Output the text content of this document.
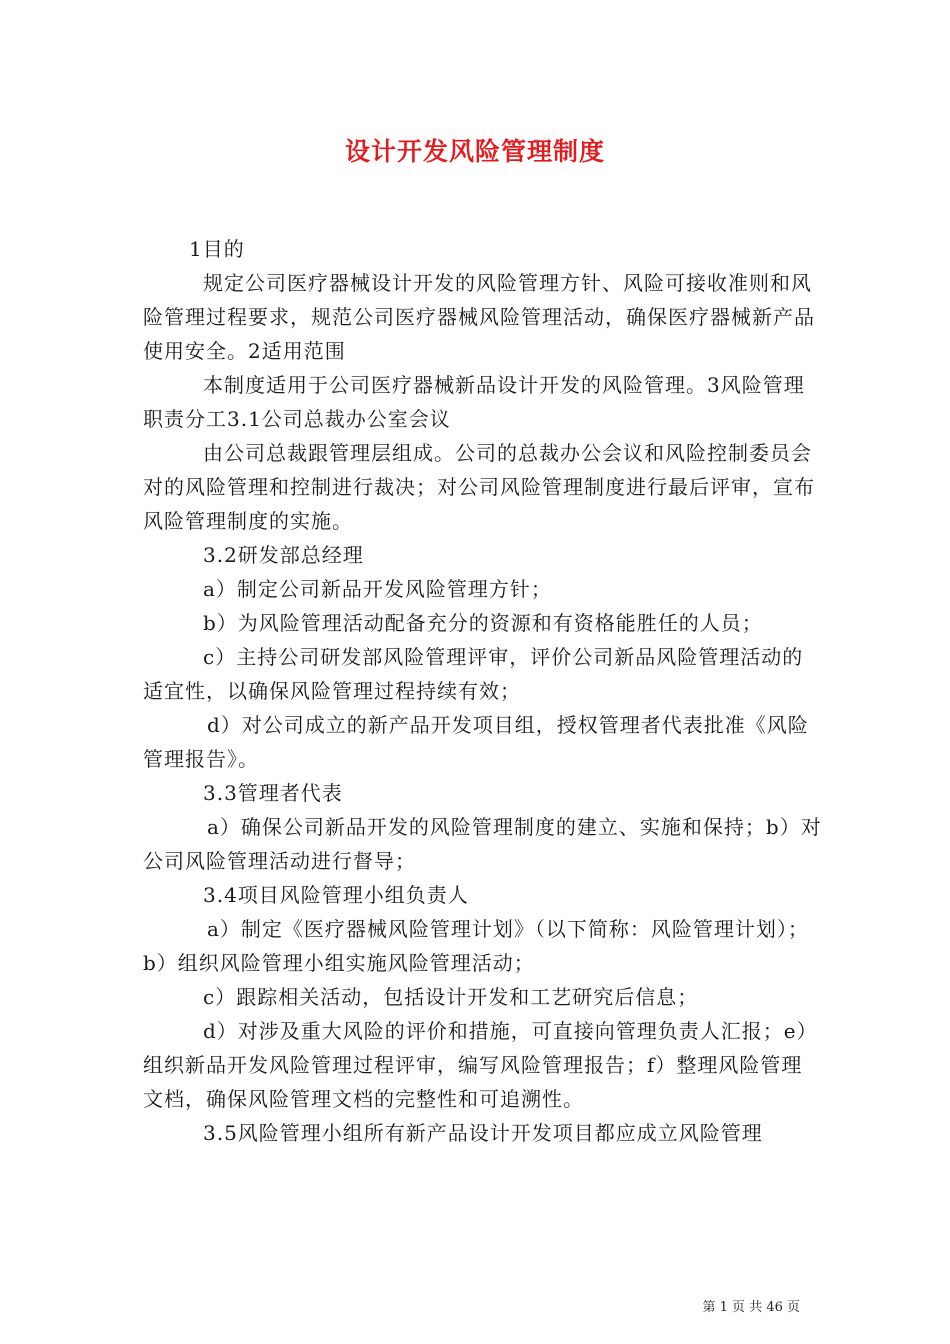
设计开发风险管理制度

1目的

规定公司医疗器械设计开发的风险管理方针、风险可接收准则和风险管理过程要求，规范公司医疗器械风险管理活动，确保医疗器械新产品使用安全。2适用范围

本制度适用于公司医疗器械新品设计开发的风险管理。3风险管理职责分工3.1公司总裁办公室会议

由公司总裁跟管理层组成。公司的总裁办公会议和风险控制委员会对的风险管理和控制进行裁决；对公司风险管理制度进行最后评审，宣布风险管理制度的实施。

3.2研发部总经理

a）制定公司新品开发风险管理方针；

b）为风险管理活动配备充分的资源和有资格能胜任的人员；

c）主持公司研发部风险管理评审，评价公司新品风险管理活动的适宜性，以确保风险管理过程持续有效；

d）对公司成立的新产品开发项目组，授权管理者代表批准《风险管理报告》。

3.3管理者代表

a）确保公司新品开发的风险管理制度的建立、实施和保持；b）对公司风险管理活动进行督导；

3.4项目风险管理小组负责人

a）制定《医疗器械风险管理计划》（以下简称：风险管理计划）；b）组织风险管理小组实施风险管理活动；

c）跟踪相关活动，包括设计开发和工艺研究后信息；

d）对涉及重大风险的评价和措施，可直接向管理负责人汇报；e）组织新品开发风险管理过程评审，编写风险管理报告；f）整理风险管理文档，确保风险管理文档的完整性和可追溯性。

3.5风险管理小组所有新产品设计开发项目都应成立风险管理

第 1 页 共 46 页
